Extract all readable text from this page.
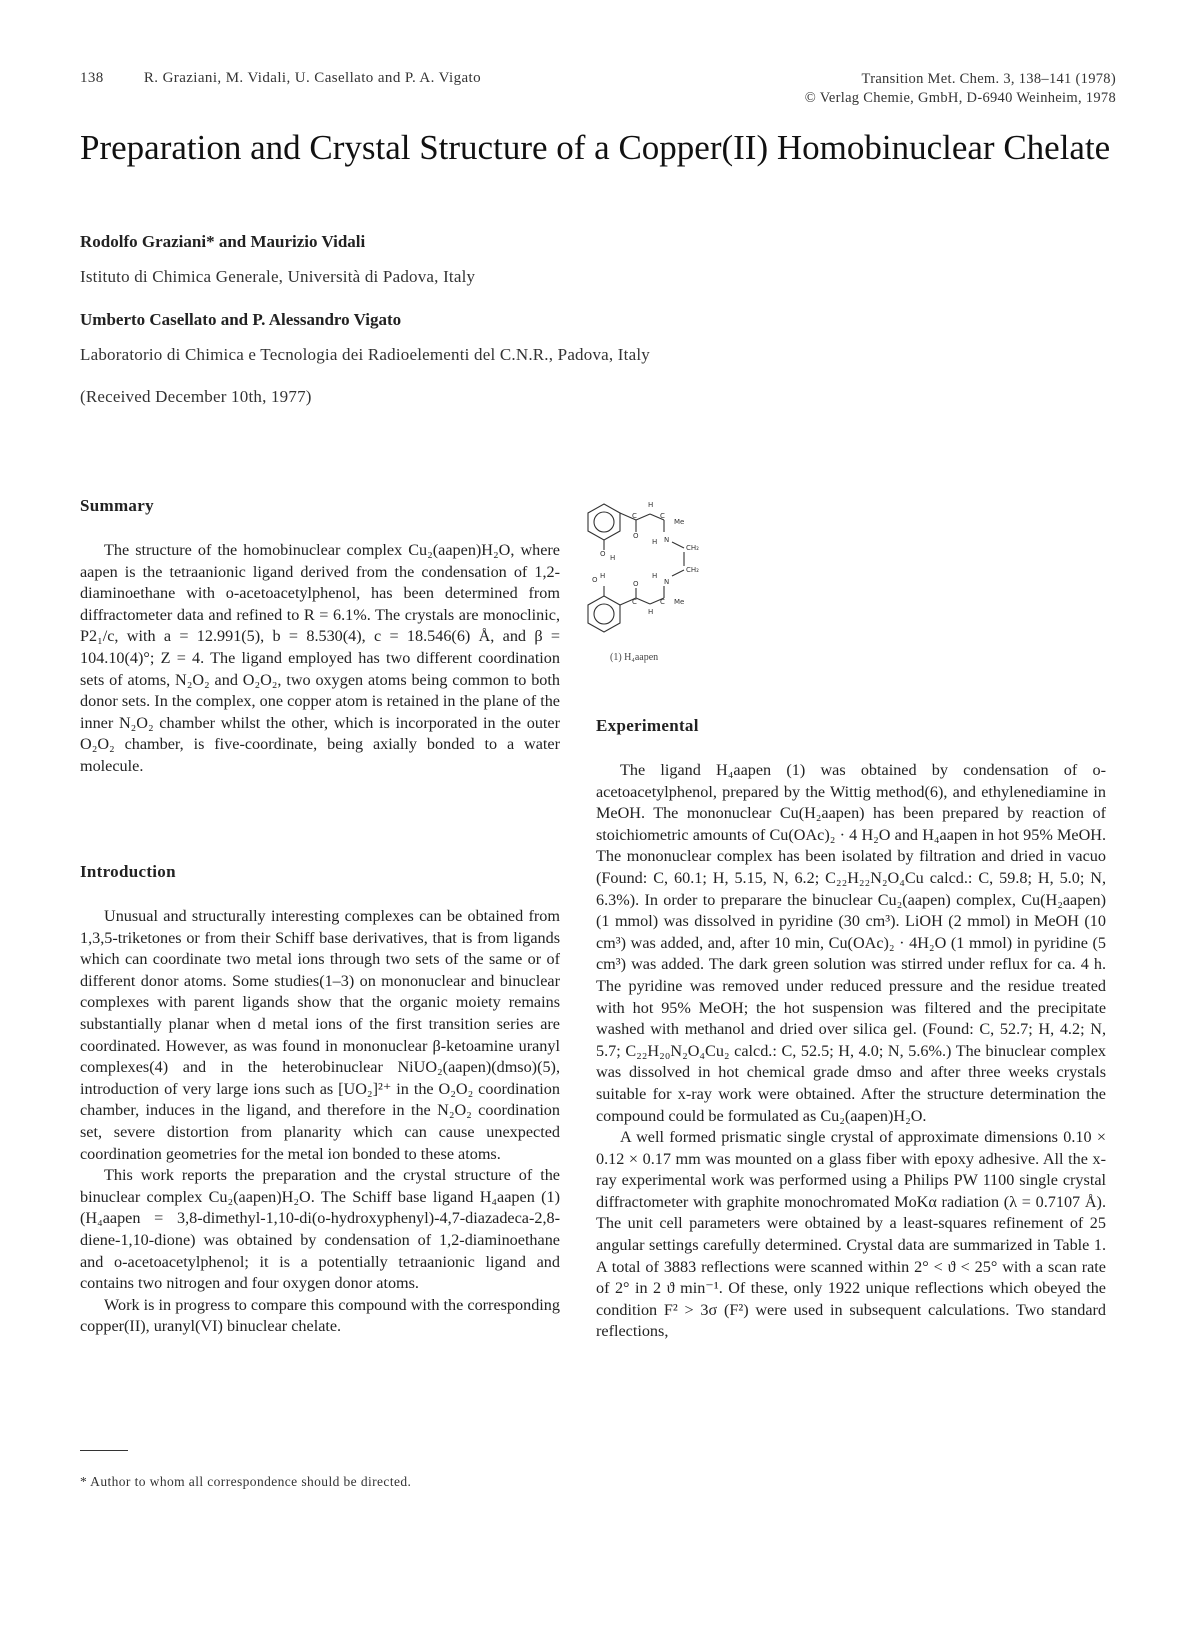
138	R. Graziani, M. Vidali, U. Casellato and P. A. Vigato	Transition Met. Chem. 3, 138–141 (1978)
© Verlag Chemie, GmbH, D-6940 Weinheim, 1978
Preparation and Crystal Structure of a Copper(II) Homobinuclear Chelate
Rodolfo Graziani* and Maurizio Vidali
Istituto di Chimica Generale, Università di Padova, Italy
Umberto Casellato and P. Alessandro Vigato
Laboratorio di Chimica e Tecnologia dei Radioelementi del C.N.R., Padova, Italy
(Received December 10th, 1977)
Summary

The structure of the homobinuclear complex Cu₂(aapen)H₂O, where aapen is the tetraanionic ligand derived from the condensation of 1,2-diaminoethane with o-acetoacetylphenol, has been determined from diffractometer data and refined to R = 6.1%. The crystals are monoclinic, P2₁/c, with a = 12.991(5), b = 8.530(4), c = 18.546(6) Å, and β = 104.10(4)°; Z = 4. The ligand employed has two different coordination sets of atoms, N₂O₂ and O₂O₂, two oxygen atoms being common to both donor sets. In the complex, one copper atom is retained in the plane of the inner N₂O₂ chamber whilst the other, which is incorporated in the outer O₂O₂ chamber, is five-coordinate, being axially bonded to a water molecule.

Introduction

Unusual and structurally interesting complexes can be obtained from 1,3,5-triketones or from their Schiff base derivatives, that is from ligands which can coordinate two metal ions through two sets of the same or of different donor atoms. Some studies(1–3) on mononuclear and binuclear complexes with parent ligands show that the organic moiety remains substantially planar when d metal ions of the first transition series are coordinated. However, as was found in mononuclear β-ketoamine uranyl complexes(4) and in the heterobinuclear NiUO₂(aapen)(dmso)(5), introduction of very large ions such as [UO₂]²⁺ in the O₂O₂ coordination chamber, induces in the ligand, and therefore in the N₂O₂ coordination set, severe distortion from planarity which can cause unexpected coordination geometries for the metal ion bonded to these atoms.

This work reports the preparation and the crystal structure of the binuclear complex Cu₂(aapen)H₂O. The Schiff base ligand H₄aapen (1) (H₄aapen = 3,8-dimethyl-1,10-di(o-hydroxyphenyl)-4,7-diazadeca-2,8-diene-1,10-dione) was obtained by condensation of 1,2-diaminoethane and o-acetoacetylphenol; it is a potentially tetraanionic ligand and contains two nitrogen and four oxygen donor atoms.

Work is in progress to compare this compound with the corresponding copper(II), uranyl(VI) binuclear chelate.

* Author to whom all correspondence should be directed.
H
C	C
Me
O H
O
H N
CH₂
O H
O
H
N
CH₂
C	C Me
H
(1) H₄aapen
Experimental

The ligand H₄aapen (1) was obtained by condensation of o-acetoacetylphenol, prepared by the Wittig method(6), and ethylenediamine in MeOH. The mononuclear Cu(H₂aapen) has been prepared by reaction of stoichiometric amounts of Cu(OAc)₂ · 4 H₂O and H₄aapen in hot 95% MeOH. The mononuclear complex has been isolated by filtration and dried in vacuo (Found: C, 60.1; H, 5.15, N, 6.2; C₂₂H₂₂N₂O₄Cu calcd.: C, 59.8; H, 5.0; N, 6.3%). In order to preparare the binuclear Cu₂(aapen) complex, Cu(H₂aapen) (1 mmol) was dissolved in pyridine (30 cm³). LiOH (2 mmol) in MeOH (10 cm³) was added, and, after 10 min, Cu(OAc)₂ · 4H₂O (1 mmol) in pyridine (5 cm³) was added. The dark green solution was stirred under reflux for ca. 4 h. The pyridine was removed under reduced pressure and the residue treated with hot 95% MeOH; the hot suspension was filtered and the precipitate washed with methanol and dried over silica gel. (Found: C, 52.7; H, 4.2; N, 5.7; C₂₂H₂₀N₂O₄Cu₂ calcd.: C, 52.5; H, 4.0; N, 5.6%.) The binuclear complex was dissolved in hot chemical grade dmso and after three weeks crystals suitable for x-ray work were obtained. After the structure determination the compound could be formulated as Cu₂(aapen)H₂O.

A well formed prismatic single crystal of approximate dimensions 0.10 × 0.12 × 0.17 mm was mounted on a glass fiber with epoxy adhesive. All the x-ray experimental work was performed using a Philips PW 1100 single crystal diffractometer with graphite monochromated MoKα radiation (λ = 0.7107 Å). The unit cell parameters were obtained by a least-squares refinement of 25 angular settings carefully determined. Crystal data are summarized in Table 1. A total of 3883 reflections were scanned within 2° < ϑ < 25° with a scan rate of 2° in 2 ϑ min⁻¹. Of these, only 1922 unique reflections which obeyed the condition F² > 3σ (F²) were used in subsequent calculations. Two standard reflections,
